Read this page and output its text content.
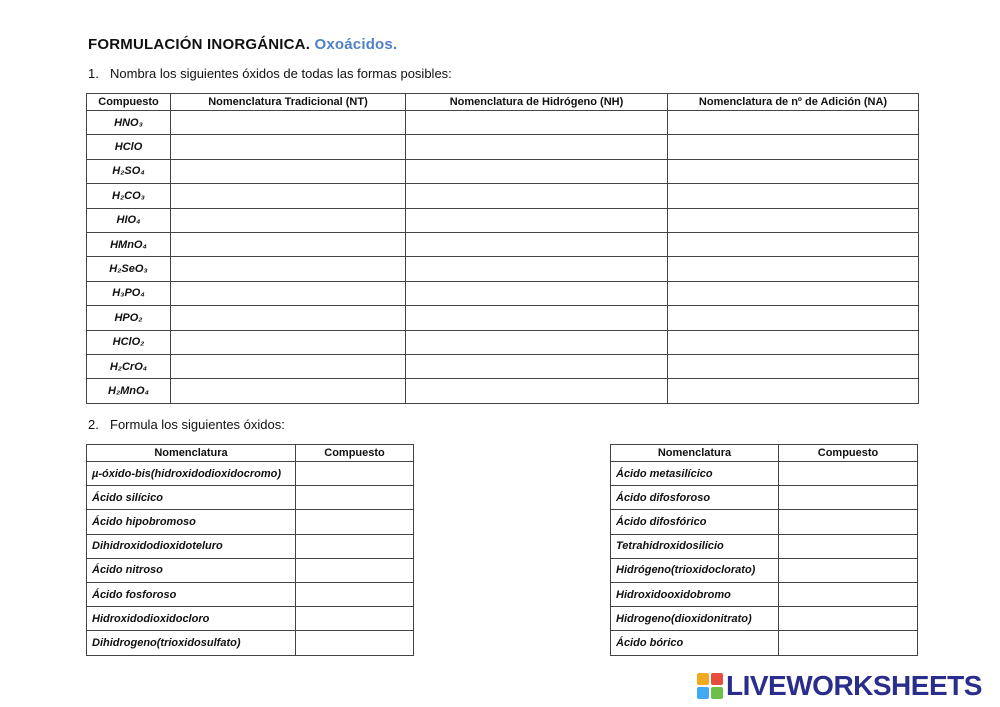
FORMULACIÓN INORGÁNICA. Oxoácidos.
1. Nombra los siguientes óxidos de todas las formas posibles:
Compuesto	Nomenclatura Tradicional (NT)	Nomenclatura de Hidrógeno (NH)	Nomenclatura de nº de Adición (NA)
HNO₃			
HClO			
H₂SO₄			
H₂CO₃			
HIO₄			
HMnO₄			
H₂SeO₃			
H₃PO₄			
HPO₂			
HClO₂			
H₂CrO₄			
H₂MnO₄			
2. Formula los siguientes óxidos:
Nomenclatura	Compuesto
µ-óxido-bis(hidroxidodioxidocromo)	
Ácido silícico	
Ácido hipobromoso	
Dihidroxidodioxidoteluro	
Ácido nitroso	
Ácido fosforoso	
Hidroxidodioxidocloro	
Dihidrogeno(trioxidosulfato)	
Nomenclatura	Compuesto
Ácido metasilícico	
Ácido difosforoso	
Ácido difosfórico	
Tetrahidroxidosilicio	
Hidrógeno(trioxidoclorato)	
Hidroxidooxidobromo	
Hidrogeno(dioxidonitrato)	
Ácido bórico	
LIVEWORKSHEETS
